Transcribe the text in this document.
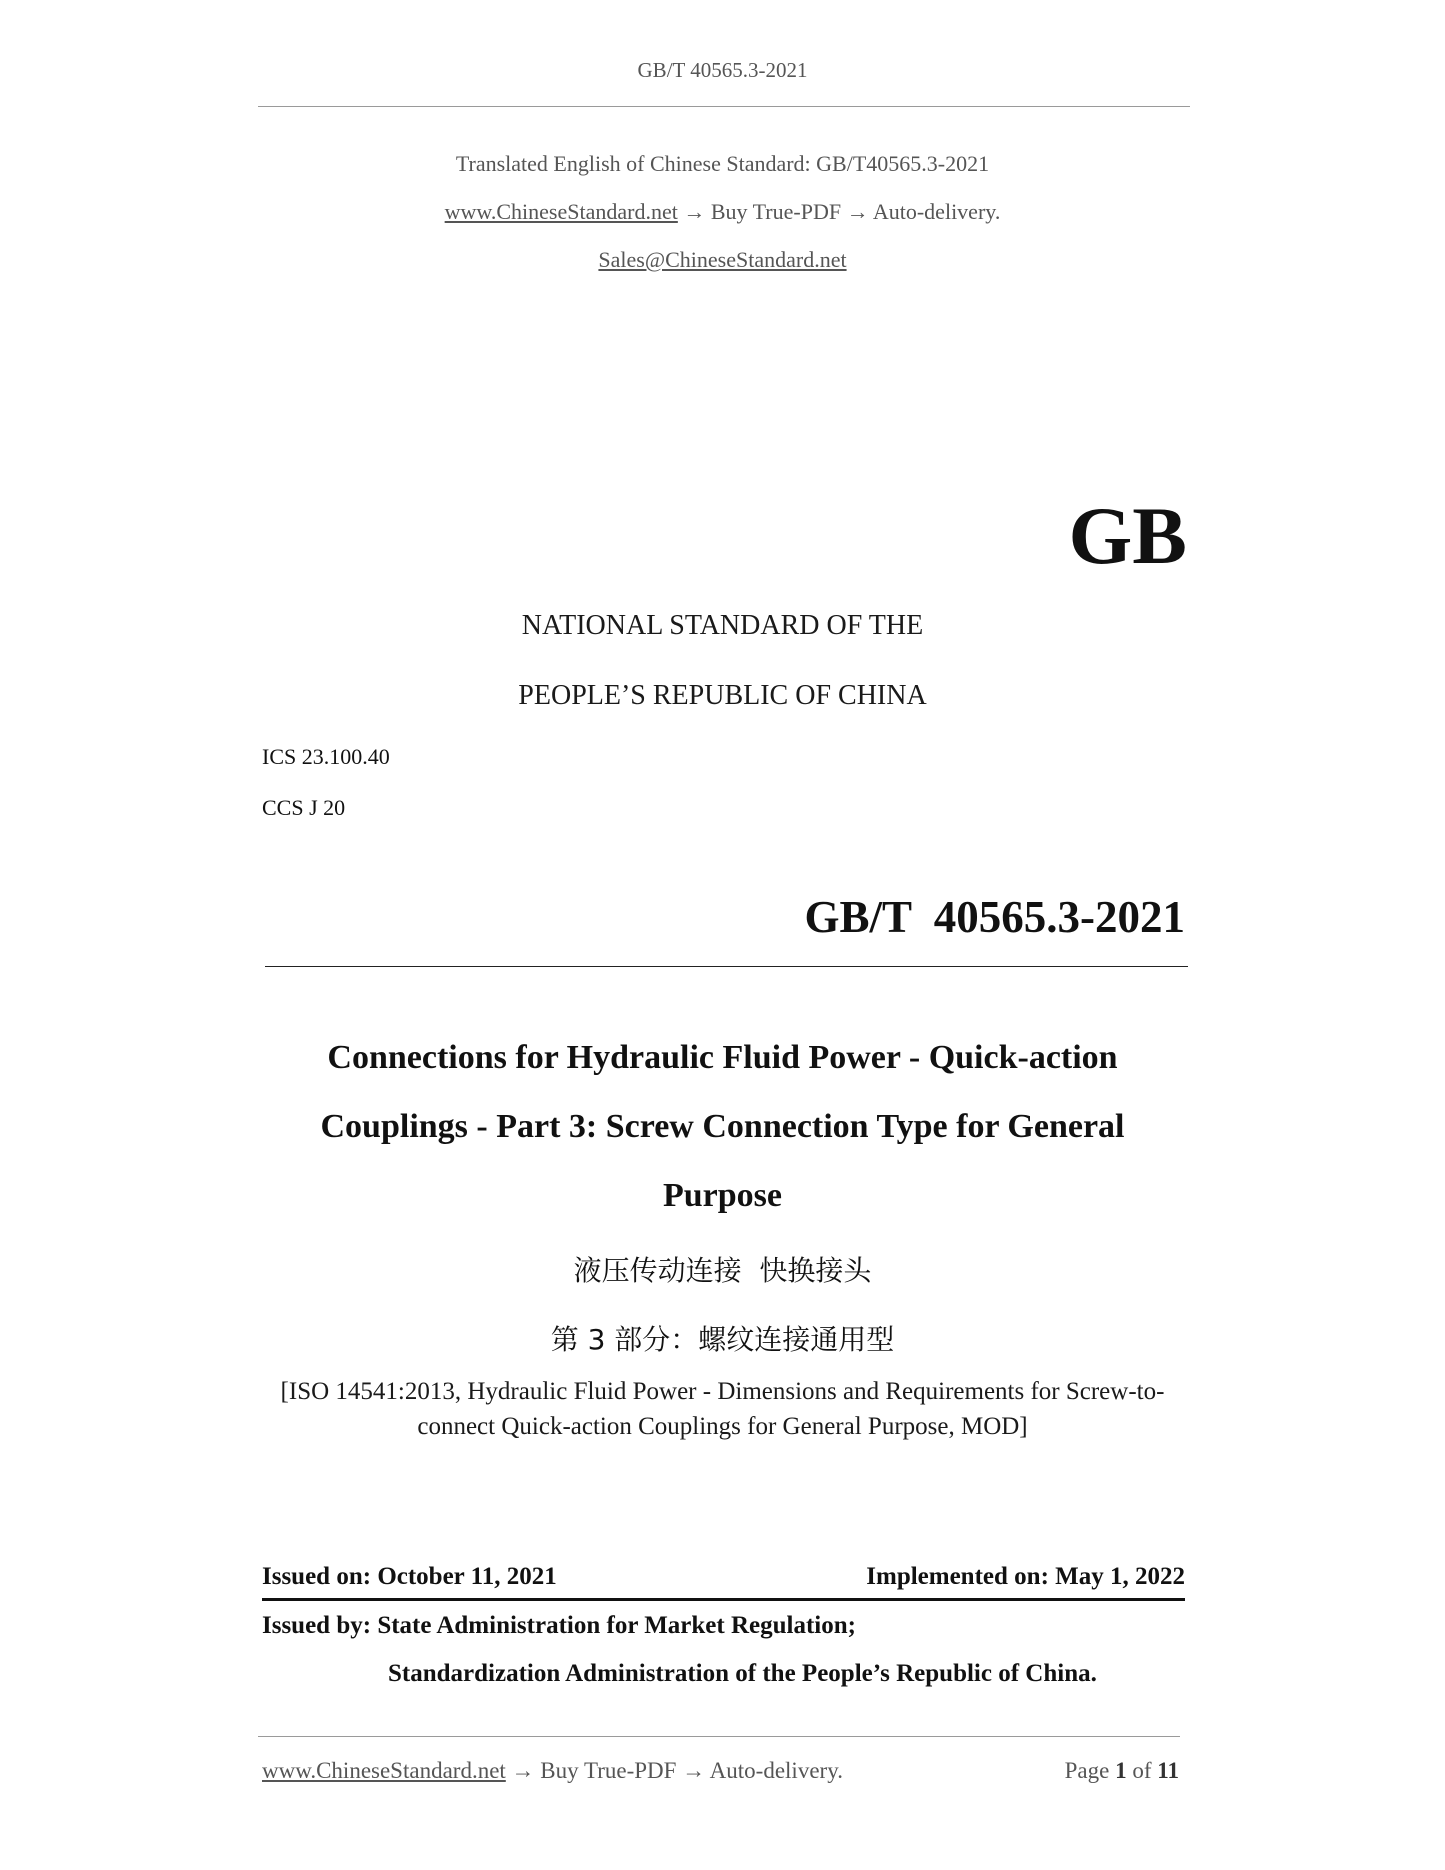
GB/T 40565.3-2021
Translated English of Chinese Standard: GB/T40565.3-2021
www.ChineseStandard.net → Buy True-PDF → Auto-delivery.
Sales@ChineseStandard.net
GB
NATIONAL STANDARD OF THE
PEOPLE’S REPUBLIC OF CHINA
ICS 23.100.40
CCS J 20
GB/T  40565.3-2021
Connections for Hydraulic Fluid Power - Quick-action
Couplings - Part 3: Screw Connection Type for General
Purpose
液压传动连接  快换接头
第 3 部分：螺纹连接通用型
[ISO 14541:2013, Hydraulic Fluid Power - Dimensions and Requirements for Screw-to-connect Quick-action Couplings for General Purpose, MOD]
Issued on: October 11, 2021	Implemented on: May 1, 2022
Issued by: State Administration for Market Regulation;
Standardization Administration of the People’s Republic of China.
www.ChineseStandard.net → Buy True-PDF → Auto-delivery.	Page 1 of 11
